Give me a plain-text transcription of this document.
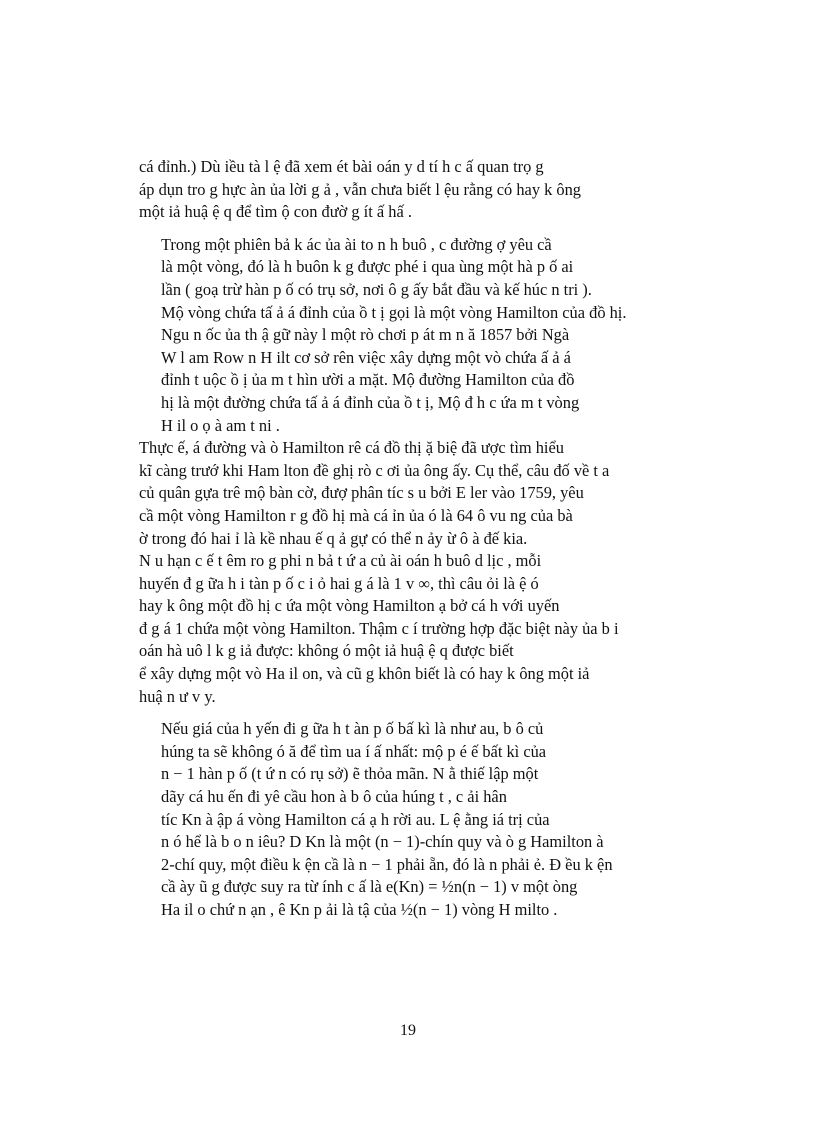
cá đỉnh.) Dù iều tà l ệ đã xem ét bài oán y d tí h c ấ quan trọ g
áp dụn tro g hực àn ủa lời g ả , vẫn chưa biết l ệu rằng có hay k ông
một iả huậ ệ q để tìm ộ con đườ g ít ấ hấ .
Trong một phiên bả k ác ủa ài to n h buô , c đường ợ yêu cầ
là một vòng, đó là h buôn k g được phé i qua ùng một hà p ố ai
lần ( goạ trừ hàn p ố có trụ sở, nơi ô g ấy bắt đầu và kế húc n tri ).
Mộ vòng chứa tấ ả á đỉnh của ồ t ị gọi là một vòng Hamilton của đồ hị.
Ngu n ốc ủa th ậ gữ này l một rò chơi p át m n ă 1857 bởi Ngà
W l am Row n H ilt cơ sở rên việc xây dựng một vò chứa ấ ả á
đỉnh t uộc ồ ị ủa m t hìn ười a mặt. Mộ đường Hamilton của đồ
hị là một đường chứa tấ ả á đỉnh của ồ t ị, Mộ đ h c ứa m t vòng
H il o ọ à am t ni .
Thực ế, á đường và ò Hamilton rê cá đồ thị ặ biệ đã ược tìm hiểu
kĩ càng trướ khi Ham lton đề ghị rò c ơi ủa ông ấy. Cụ thể, câu đố về t a
củ quân gựa trê mộ bàn cờ, đượ phân tíc s u bởi E ler vào 1759, yêu
cầ một vòng Hamilton r g đồ hị mà cá ỉn ủa ó là 64 ô vu ng của bà
ờ trong đó hai ỉ là kề nhau ế q ả gự có thể n ảy ừ ô à đế kia.
N u hạn c ế t êm ro g phi n bả t ứ a củ ài oán h buô d lịc , mỗi
huyến đ g ữa h i tàn p ố c i ỏ hai g á là 1 v ∞, thì câu ỏi là ệ ó
hay k ông một đồ hị c ứa một vòng Hamilton ạ bở cá h với uyến
đ g á 1 chứa một vòng Hamilton. Thậm c í trường hợp đặc biệt này ủa b i
oán hà uô l k g iả được: không ó một iả huậ ệ q được biết
ể xây dựng một vò Ha il on, và cũ g khôn biết là có hay k ông một iả
huậ n ư v y.
Nếu giá của h yến đi g ữa h t àn p ố bấ kì là như au, b ô củ
húng ta sẽ không ó ă để tìm ua í ấ nhất: mộ p é ế bất kì của
n − 1 hàn p ố (t ứ n có rụ sở) ẽ thỏa mãn. N ằ thiế lập một
dãy cá hu ến đi yê cầu hon à b ô của húng t , c ải hân
tíc Kn à ập á vòng Hamilton cá ạ h rời au. L ệ ằng iá trị của
n ó hể là b o n iêu? D Kn là một (n − 1)-chín quy và ò g Hamilton à
2-chí quy, một điều k ện cầ là n − 1 phải ẵn, đó là n phải ẻ. Đ ều k ện
cầ ày ũ g được suy ra từ ính c ấ là e(Kn) = ½n(n − 1) v một òng
Ha il o chứ n ạn , ê Kn p ải là tậ của ½(n − 1) vòng H milto .
19
